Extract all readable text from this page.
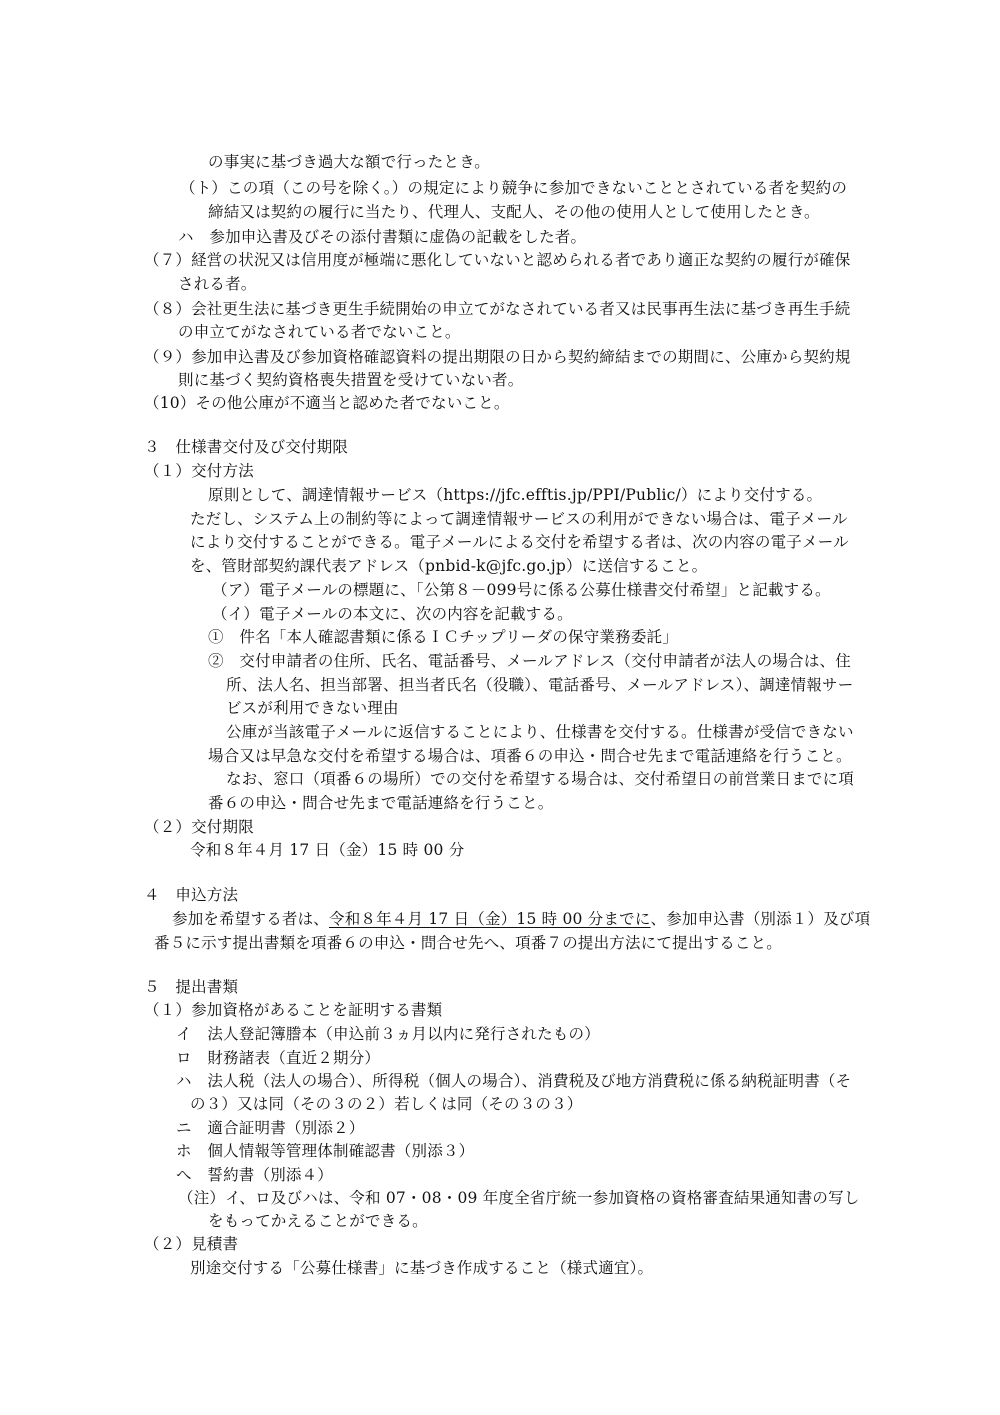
の事実に基づき過大な額で行ったとき。
（ト）この項（この号を除く。）の規定により競争に参加できないこととされている者を契約の
締結又は契約の履行に当たり、代理人、支配人、その他の使用人として使用したとき。
ハ　参加申込書及びその添付書類に虚偽の記載をした者。
（７）経営の状況又は信用度が極端に悪化していないと認められる者であり適正な契約の履行が確保
される者。
（８）会社更生法に基づき更生手続開始の申立てがなされている者又は民事再生法に基づき再生手続
の申立てがなされている者でないこと。
（９）参加申込書及び参加資格確認資料の提出期限の日から契約締結までの期間に、公庫から契約規
則に基づく契約資格喪失措置を受けていない者。
（10）その他公庫が不適当と認めた者でないこと。
３　仕様書交付及び交付期限
（１）交付方法
原則として、調達情報サービス（https://jfc.efftis.jp/PPI/Public/）により交付する。
ただし、システム上の制約等によって調達情報サービスの利用ができない場合は、電子メール
により交付することができる。電子メールによる交付を希望する者は、次の内容の電子メール
を、管財部契約課代表アドレス（pnbid-k@jfc.go.jp）に送信すること。
（ア）電子メールの標題に、「公第８－099号に係る公募仕様書交付希望」と記載する。
（イ）電子メールの本文に、次の内容を記載する。
①　件名「本人確認書類に係るＩＣチップリーダの保守業務委託」
②　交付申請者の住所、氏名、電話番号、メールアドレス（交付申請者が法人の場合は、住
所、法人名、担当部署、担当者氏名（役職）、電話番号、メールアドレス）、調達情報サー
ビスが利用できない理由
公庫が当該電子メールに返信することにより、仕様書を交付する。仕様書が受信できない
場合又は早急な交付を希望する場合は、項番６の申込・問合せ先まで電話連絡を行うこと。
なお、窓口（項番６の場所）での交付を希望する場合は、交付希望日の前営業日までに項
番６の申込・問合せ先まで電話連絡を行うこと。
（２）交付期限
令和８年４月 17 日（金）15 時 00 分
４　申込方法
参加を希望する者は、令和８年４月 17 日（金）15 時 00 分までに、参加申込書（別添１）及び項
番５に示す提出書類を項番６の申込・問合せ先へ、項番７の提出方法にて提出すること。
５　提出書類
（１）参加資格があることを証明する書類
イ　法人登記簿謄本（申込前３ヵ月以内に発行されたもの）
ロ　財務諸表（直近２期分）
ハ　法人税（法人の場合）、所得税（個人の場合）、消費税及び地方消費税に係る納税証明書（そ
の３）又は同（その３の２）若しくは同（その３の３）
ニ　適合証明書（別添２）
ホ　個人情報等管理体制確認書（別添３）
へ　誓約書（別添４）
（注）イ、ロ及びハは、令和 07・08・09 年度全省庁統一参加資格の資格審査結果通知書の写し
をもってかえることができる。
（２）見積書
別途交付する「公募仕様書」に基づき作成すること（様式適宜）。
